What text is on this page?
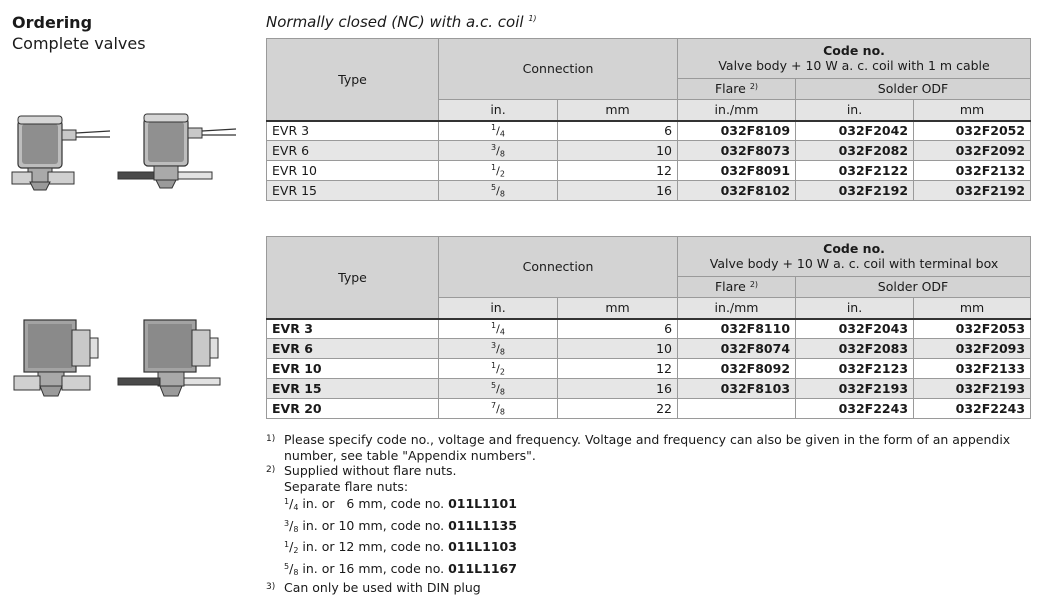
Ordering
Complete valves
Normally closed (NC) with a.c. coil $^{1)}$
Type	Connection		Code no.
Valve body + 10 W a. c. coil with 1 m cable		

			Flare $^{2)}$	Solder ODF	
	in.	mm	in./mm	in.	mm
EVR 3	$^1/_4$	6	032F8109	032F2042	032F2052
EVR 6	$^3/_8$	10	032F8073	032F2082	032F2092
EVR 10	$^1/_2$	12	032F8091	032F2122	032F2132
EVR 15	$^5/_8$	16	032F8102	032F2192	032F2192
Type	Connection		Code no.
Valve body + 10 W a. c. coil with terminal box		

			Flare $^{2)}$	Solder ODF	
	in.	mm	in./mm	in.	mm
EVR 3	$^1/_4$	6	032F8110	032F2043	032F2053
EVR 6	$^3/_8$	10	032F8074	032F2083	032F2093
EVR 10	$^1/_2$	12	032F8092	032F2123	032F2133
EVR 15	$^5/_8$	16	032F8103	032F2193	032F2193
EVR 20	$^7/_8$	22		032F2243	032F2243
1) Please specify code no., voltage and frequency. Voltage and frequency can also be given in the form of an appendix
number, see table "Appendix numbers".
2) Supplied without flare nuts.
Separate flare nuts:
$^1$/4 in. or   6 mm, code no. 011L1101
$^3$/8 in. or 10 mm, code no. 011L1135
$^1$/2 in. or 12 mm, code no. 011L1103
$^5$/8 in. or 16 mm, code no. 011L1167
3) Can only be used with DIN plug
